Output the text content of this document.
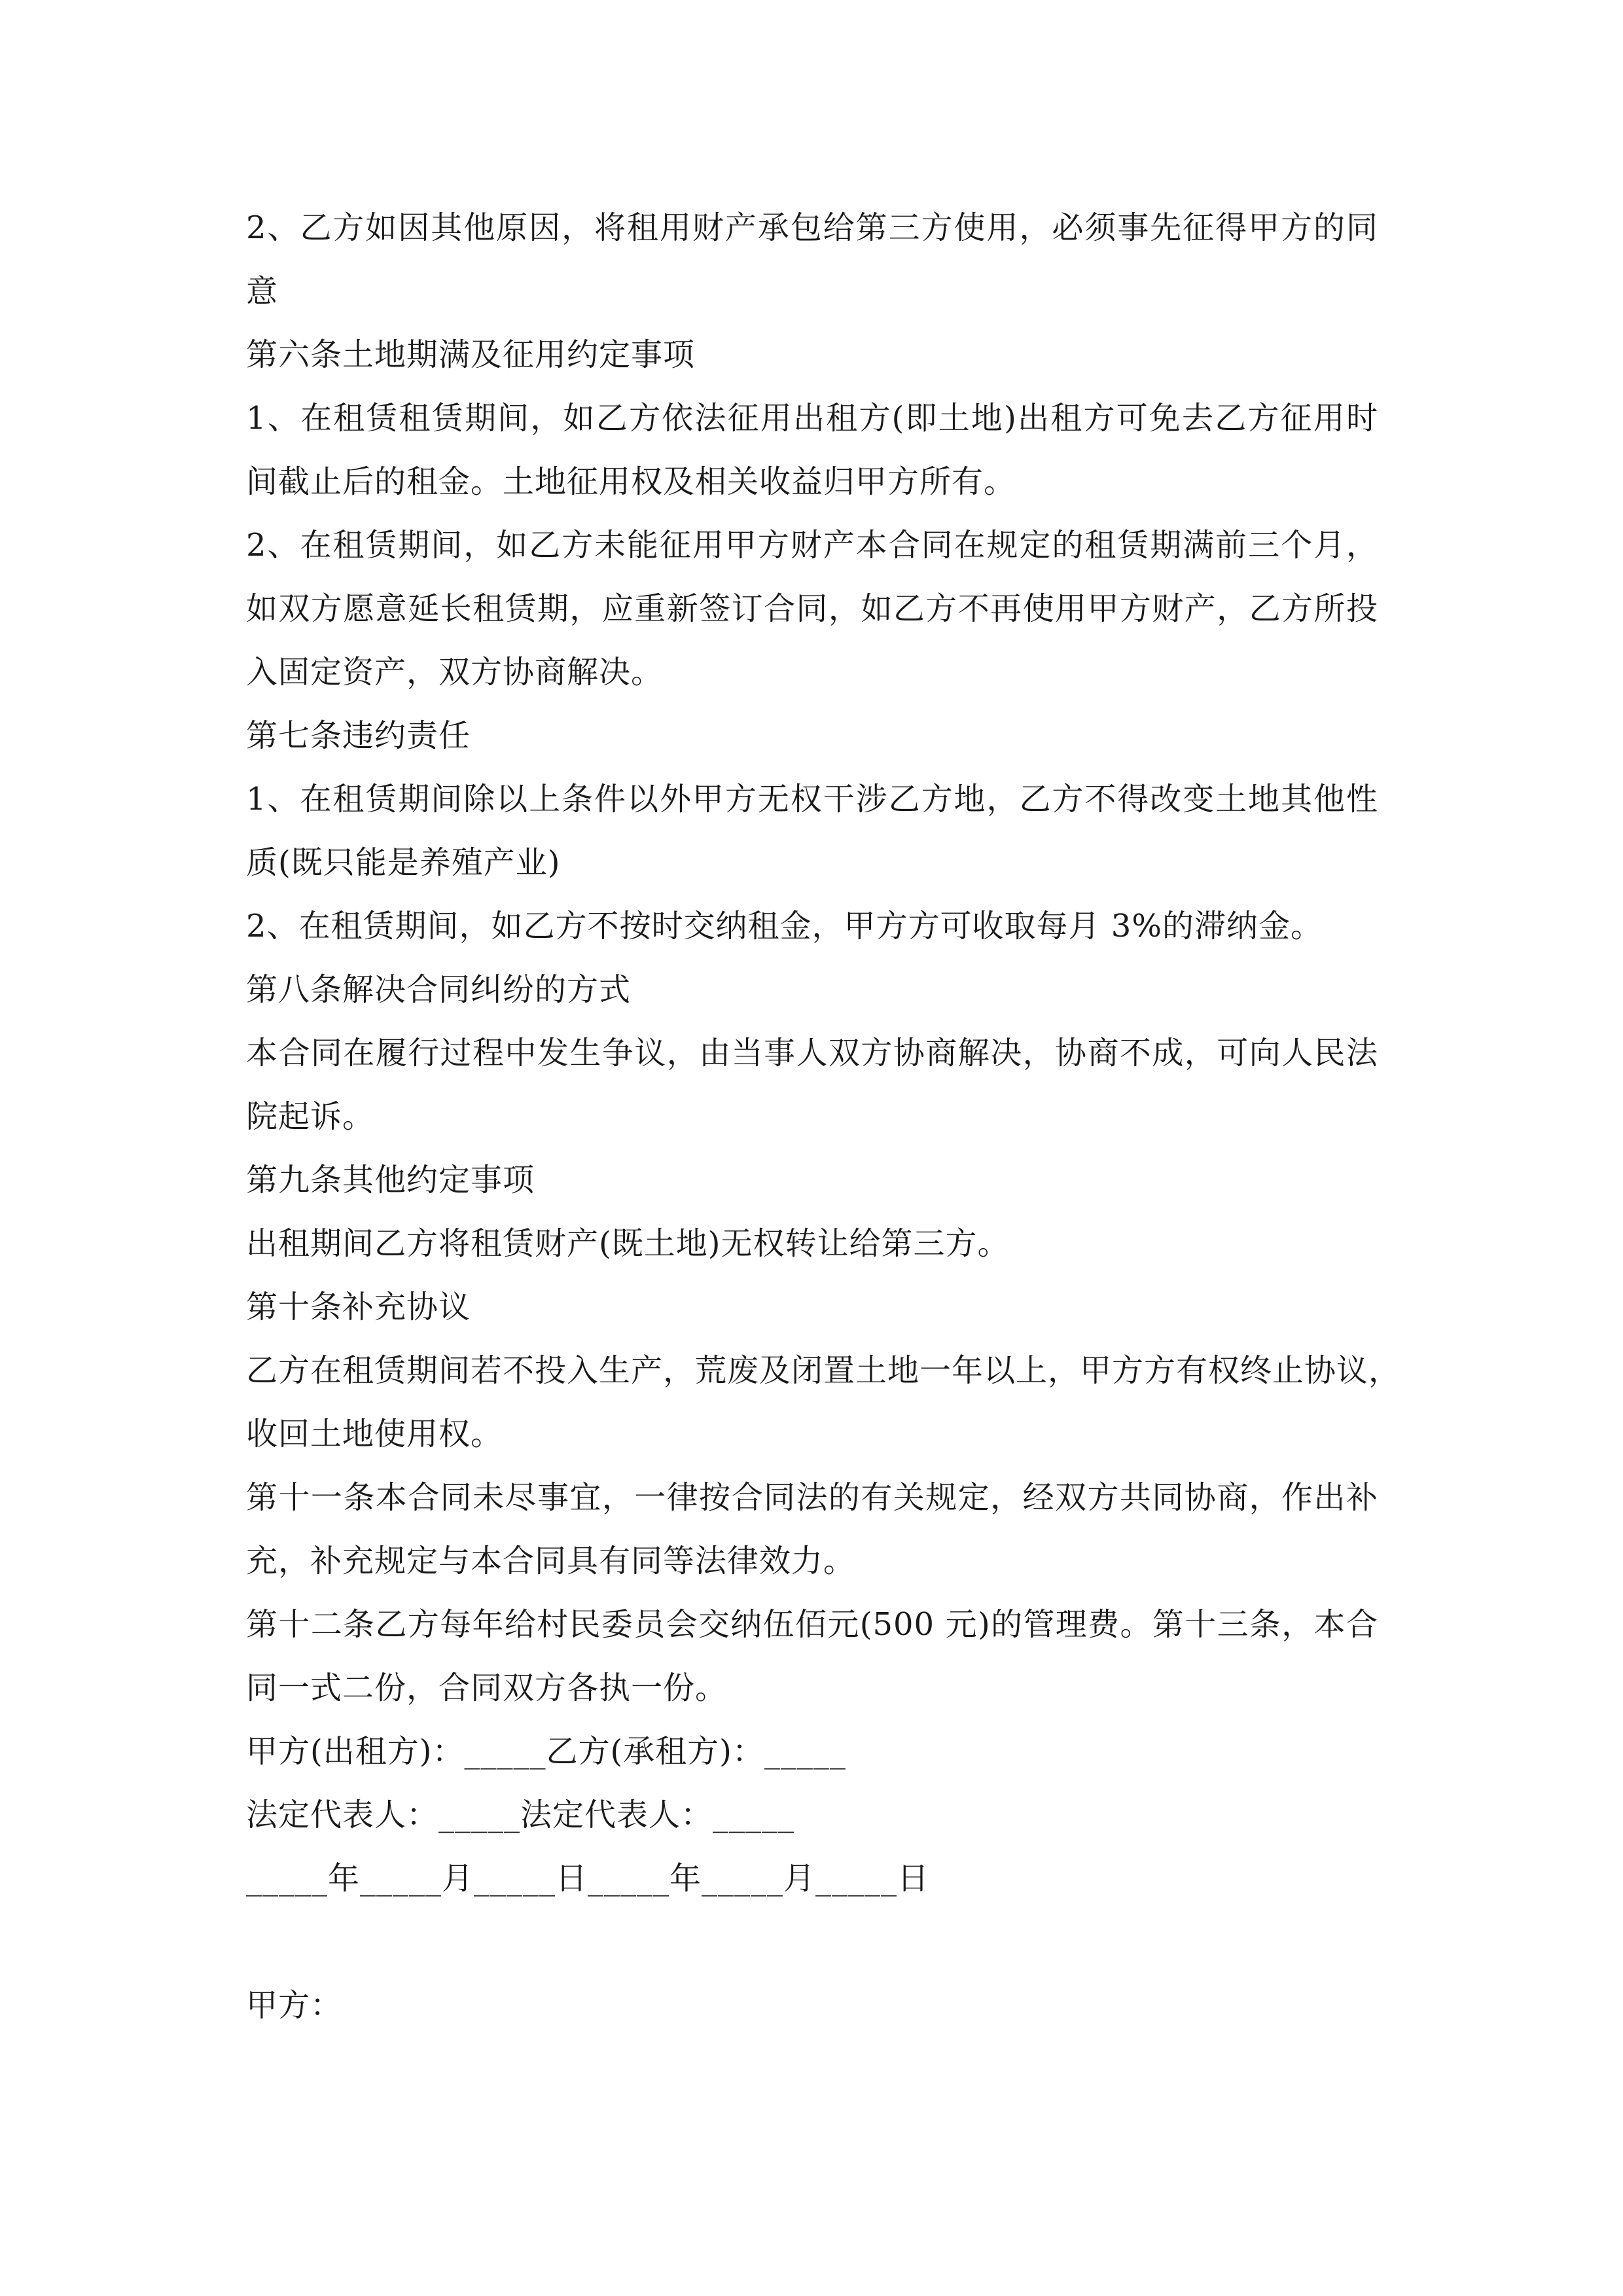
2、乙方如因其他原因，将租用财产承包给第三方使用，必须事先征得甲方的同
意
第六条土地期满及征用约定事项
1、在租赁租赁期间，如乙方依法征用出租方(即土地)出租方可免去乙方征用时
间截止后的租金。土地征用权及相关收益归甲方所有。
2、在租赁期间，如乙方未能征用甲方财产本合同在规定的租赁期满前三个月，
如双方愿意延长租赁期，应重新签订合同，如乙方不再使用甲方财产，乙方所投
入固定资产，双方协商解决。
第七条违约责任
1、在租赁期间除以上条件以外甲方无权干涉乙方地，乙方不得改变土地其他性
质(既只能是养殖产业)
2、在租赁期间，如乙方不按时交纳租金，甲方方可收取每月 3%的滞纳金。
第八条解决合同纠纷的方式
本合同在履行过程中发生争议，由当事人双方协商解决，协商不成，可向人民法
院起诉。
第九条其他约定事项
出租期间乙方将租赁财产(既土地)无权转让给第三方。
第十条补充协议
乙方在租赁期间若不投入生产，荒废及闭置土地一年以上，甲方方有权终止协议，
收回土地使用权。
第十一条本合同未尽事宜，一律按合同法的有关规定，经双方共同协商，作出补
充，补充规定与本合同具有同等法律效力。
第十二条乙方每年给村民委员会交纳伍佰元(500 元)的管理费。第十三条，本合
同一式二份，合同双方各执一份。
甲方(出租方)：_____乙方(承租方)：_____
法定代表人：_____法定代表人：_____
_____年_____月_____日_____年_____月_____日
甲方：
